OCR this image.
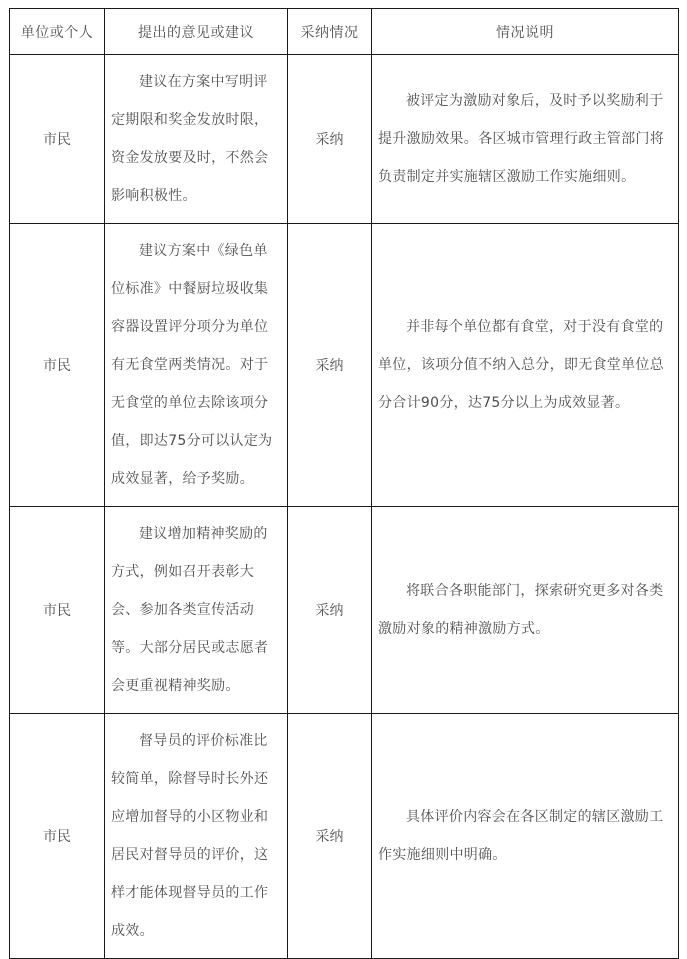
单位或个人	提出的意见或建议	采纳情况	情况说明
市民	建议在方案中写明评定期限和奖金发放时限，资金发放要及时，不然会影响积极性。	采纳	被评定为激励对象后，及时予以奖励利于提升激励效果。各区城市管理行政主管部门将负责制定并实施辖区激励工作实施细则。

市民	建议方案中《绿色单位标准》中餐厨垃圾收集容器设置评分项分为单位有无食堂两类情况。对于无食堂的单位去除该项分值，即达75分可以认定为成效显著，给予奖励。	采纳	并非每个单位都有食堂，对于没有食堂的单位，该项分值不纳入总分，即无食堂单位总分合计90分，达75分以上为成效显著。

市民	建议增加精神奖励的方式，例如召开表彰大会、参加各类宣传活动等。大部分居民或志愿者会更重视精神奖励。	采纳	将联合各职能部门，探索研究更多对各类激励对象的精神激励方式。

市民	督导员的评价标准比较简单，除督导时长外还应增加督导的小区物业和居民对督导员的评价，这样才能体现督导员的工作成效。	采纳	具体评价内容会在各区制定的辖区激励工作实施细则中明确。
